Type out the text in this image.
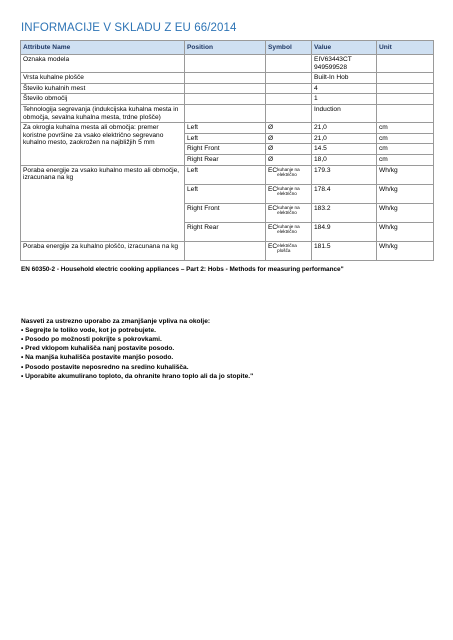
INFORMACIJE V SKLADU Z EU 66/2014
Attribute Name	Position	Symbol	Value	Unit
Oznaka modela			EIV63443CT 949599528	
Vrsta kuhalne plošče			Built-In Hob	
Število kuhalnih mest			4	
Število območij			1	
Tehnologija segrevanja (indukcijska kuhalna mesta in območja, sevalna kuhalna mesta, trdne plošče)			Induction	
Za okrogla kuhalna mesta ali območja: premer koristne površine za vsako električno segrevano kuhalno mesto, zaokrožen na najbližjih 5 mm	Left	Ø	21,0	cm
	Left	Ø	21,0	cm
	Right Front	Ø	14.5	cm
	Right Rear	Ø	18,0	cm
Poraba energije za vsako kuhalno mesto ali območje, izracunana na kg	Left	ECkuhanje na električno	179.3	Wh/kg
	Left	ECkuhanje na električno	178.4	Wh/kg
	Right Front	ECkuhanje na električno	183.2	Wh/kg
	Right Rear	ECkuhanje na električno	184.9	Wh/kg
Poraba energije za kuhalno ploščo, izracunana na kg		ECelektrična plošča	181.5	Wh/kg
EN 60350-2 - Household electric cooking appliances – Part 2: Hobs - Methods for measuring performance"
Nasveti za ustrezno uporabo za zmanjšanje vpliva na okolje:
• Segrejte le toliko vode, kot jo potrebujete.
• Posodo po možnosti pokrijte s pokrovkami.
• Pred vklopom kuhališča nanj postavite posodo.
• Na manjša kuhališča postavite manjšo posodo.
• Posodo postavite neposredno na sredino kuhališča.
• Uporabite akumulirano toploto, da ohranite hrano toplo ali da jo stopite."
